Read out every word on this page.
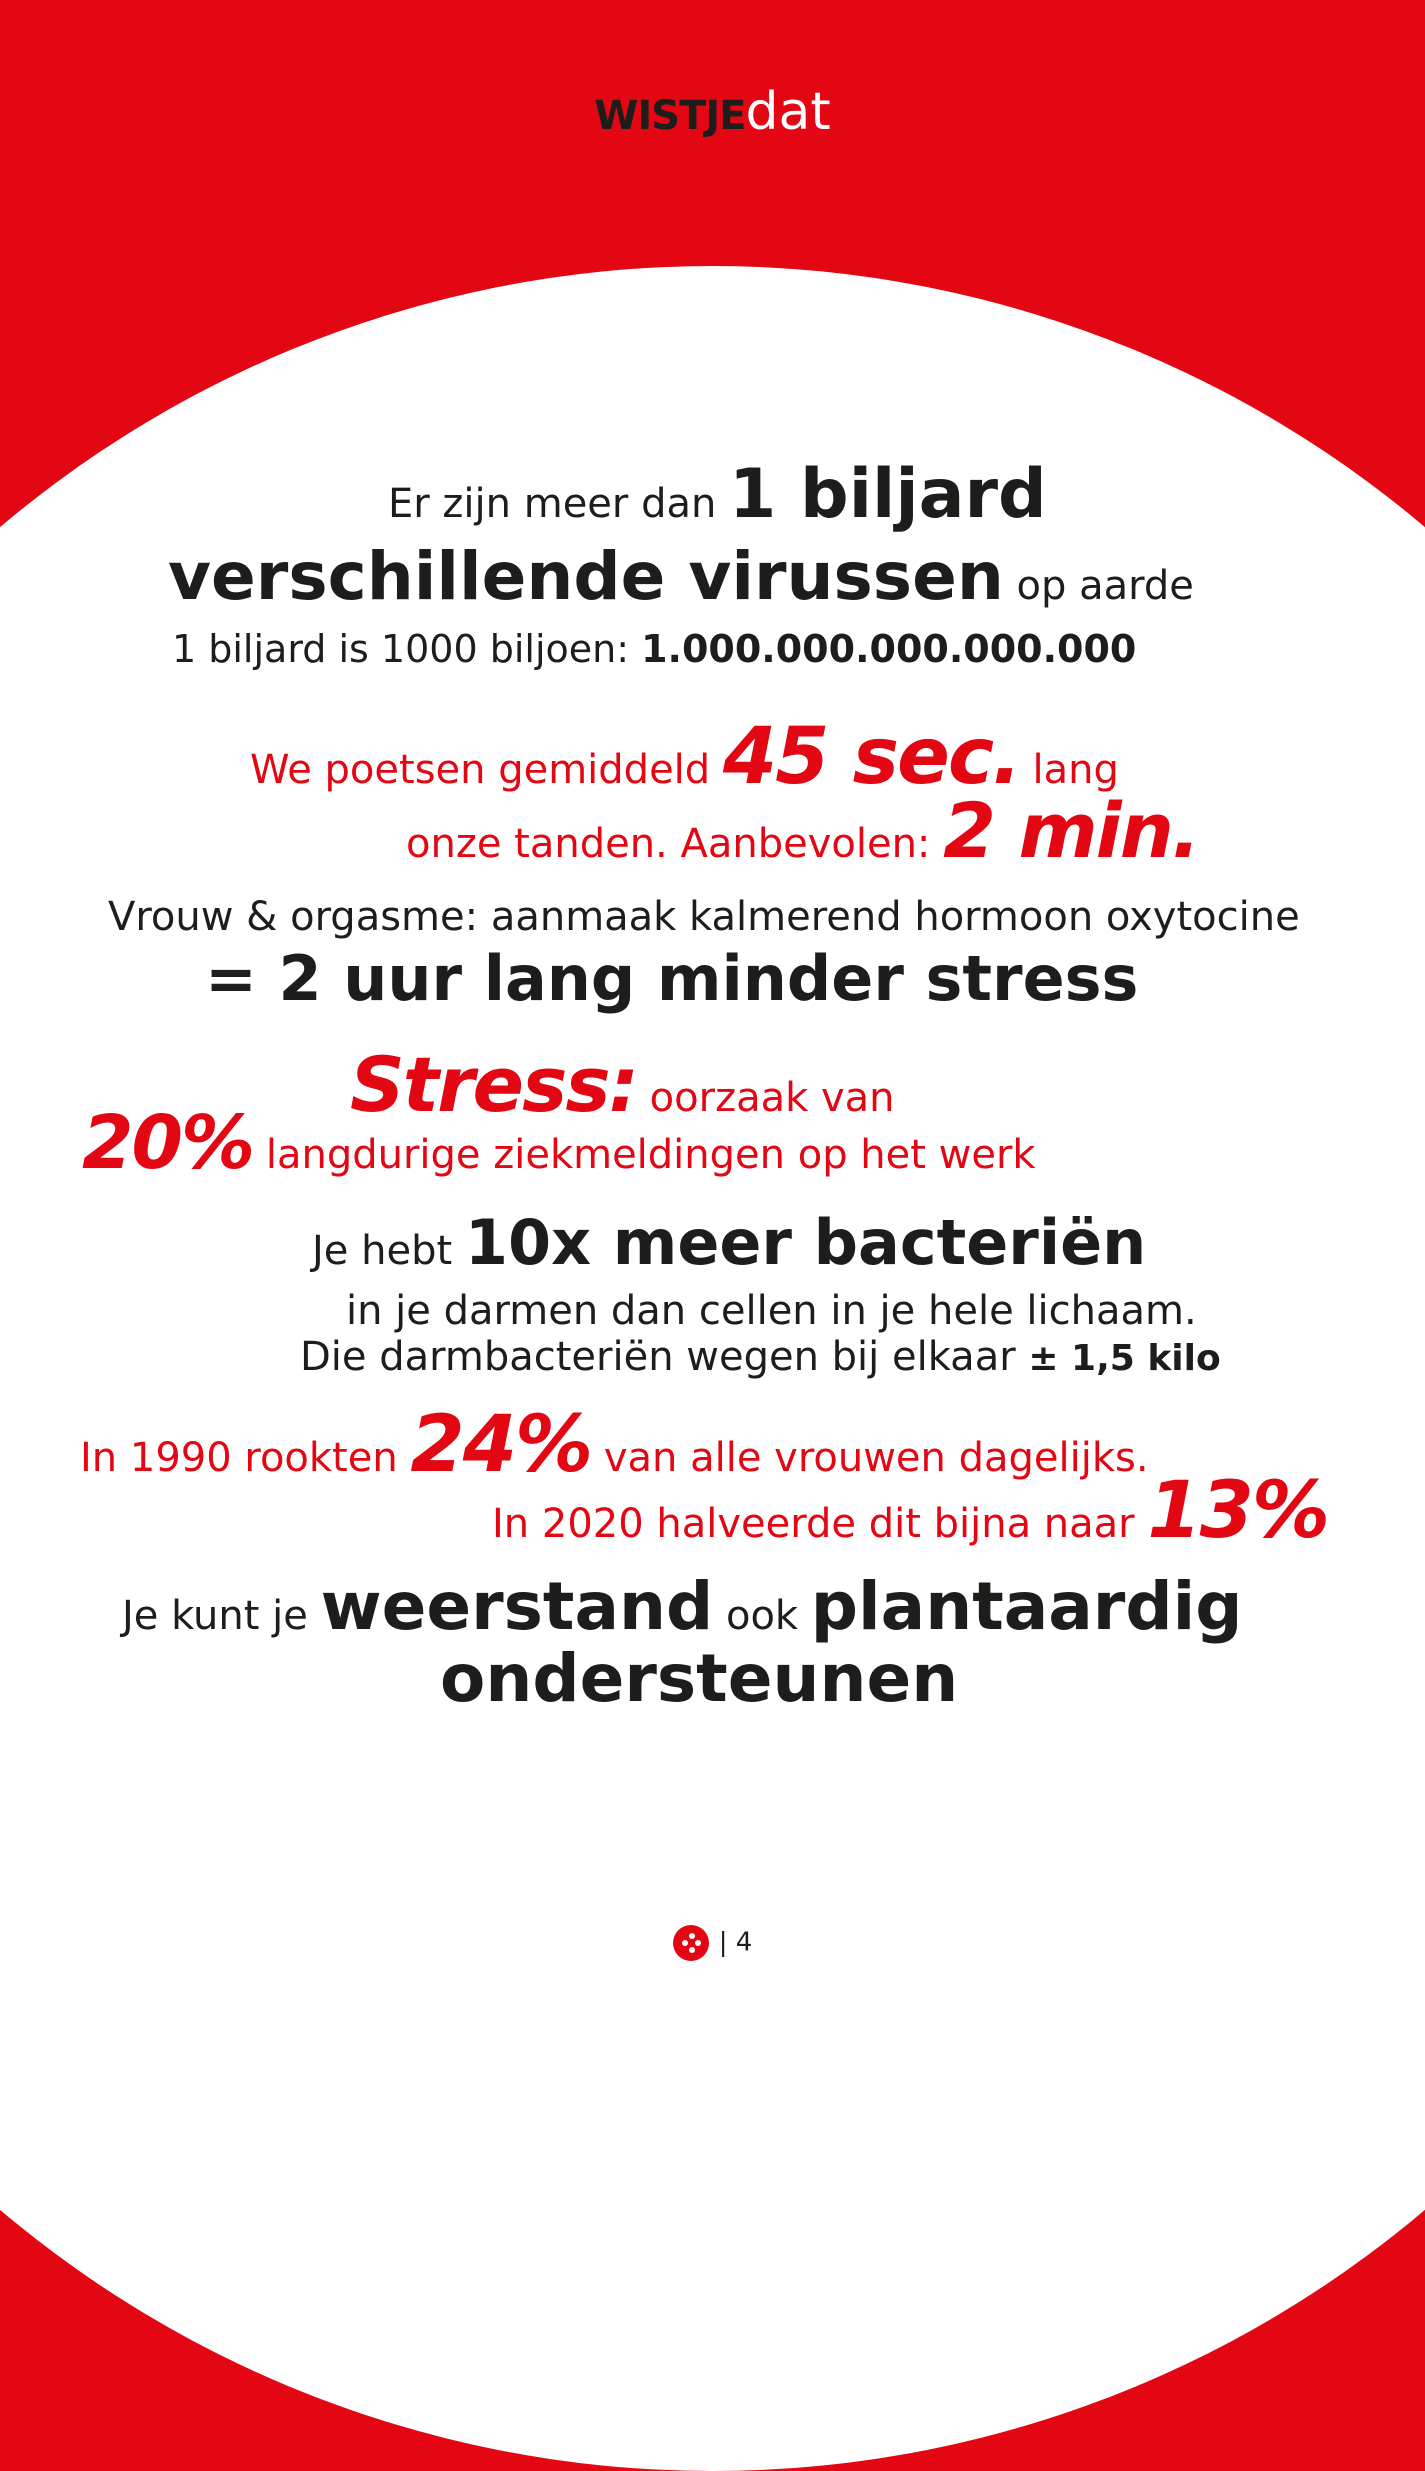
WISTJEdat
Er zijn meer dan 1 biljard
verschillende virussen op aarde
1 biljard is 1000 biljoen: 1.000.000.000.000.000
We poetsen gemiddeld 45 sec. lang
onze tanden. Aanbevolen: 2 min.
Vrouw & orgasme: aanmaak kalmerend hormoon oxytocine
= 2 uur lang minder stress
Stress: oorzaak van
20% langdurige ziekmeldingen op het werk
Je hebt 10x meer bacteriën
in je darmen dan cellen in je hele lichaam.
Die darmbacteriën wegen bij elkaar ± 1,5 kilo
In 1990 rookten 24% van alle vrouwen dagelijks.
In 2020 halveerde dit bijna naar 13%
Je kunt je weerstand ook plantaardig
ondersteunen
| 4
